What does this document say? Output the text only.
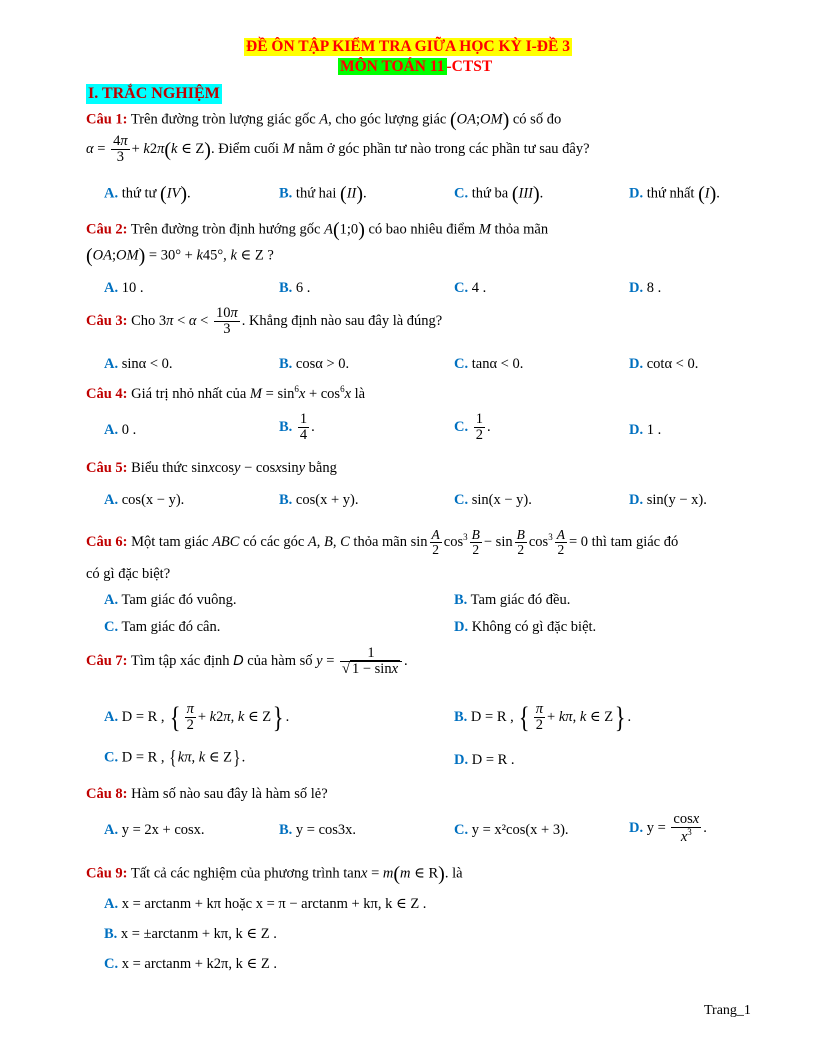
ĐỀ ÔN TẬP KIỂM TRA GIỮA HỌC KỲ I-ĐỀ 3
MÔN TOÁN 11 -CTST
I. TRẮC NGHIỆM
Câu 1: Trên đường tròn lượng giác gốc A, cho góc lượng giác (OA;OM) có số đo
$\alpha = \frac{4\pi}{3} + k2\pi(k$ ∈ Z). Điểm cuối M nằm ở góc phần tư nào trong các phần tư sau đây?
A. thứ tư (IV).	B. thứ hai (II).	C. thứ ba (III).	D. thứ nhất (I).
Câu 2: Trên đường tròn định hướng gốc A(1;0) có bao nhiêu điểm M thỏa mãn
(OA;OM) = 30° + k45°, k ∈ Z ?
A. 10 .	B. 6 .	C. 4 .	D. 8 .
Câu 3: Cho $3\pi < \alpha < \frac{10\pi}{3}$ . Khẳng định nào sau đây là đúng?
A. sinα < 0.	B. cosα > 0.	C. tanα < 0.	D. cotα < 0.
Câu 4: Giá trị nhỏ nhất của $M = \sin^6x + \cos^6x$ là
A. 0 .	B. $\frac{1}{4}$ .	C. $\frac{1}{2}$ .	D. 1 .
Câu 5: Biểu thức sinxcosy − cosxsiny bằng
A. cos(x − y).	B. cos(x + y).	C. sin(x − y).	D. sin(y − x).
Câu 6: Một tam giác ABC có các góc A, B, C thỏa mãn $\sin \frac{A}{2} \cos^3 \frac{B}{2} - \sin \frac{B}{2} \cos^3 \frac{A}{2} = 0$ thì tam giác đó
có gì đặc biệt?
A. Tam giác đó vuông.	B. Tam giác đó đều.
C. Tam giác đó cân.	D. Không có gì đặc biệt.
Câu 7: Tìm tập xác định D của hàm số $y = \frac{1}{√ 1 - \sin x}$ .
A. D = R , { $\frac{\pi}{2} + k2\pi$, k ∈ Z} .	B. D = R , { $\frac{\pi}{2} + k\pi$, k ∈ Z} .
C. D = R , {kπ, k ∈ Z}.	D. D = R .
Câu 8: Hàm số nào sau đây là hàm số lẻ?
A. y = 2x + cosx.	B. y = cos3x.	C. y = x²cos(x + 3).	D. $y = \frac{\cos x}{x^3}$ .
Câu 9: Tất cả các nghiệm của phương trình tanx = m(m ∈ R). là
A. x = arctanm + kπ hoặc x = π − arctanm + kπ, k ∈ Z .
B. x = ±arctanm + kπ, k ∈ Z .
C. x = arctanm + k2π, k ∈ Z .
Trang_1
